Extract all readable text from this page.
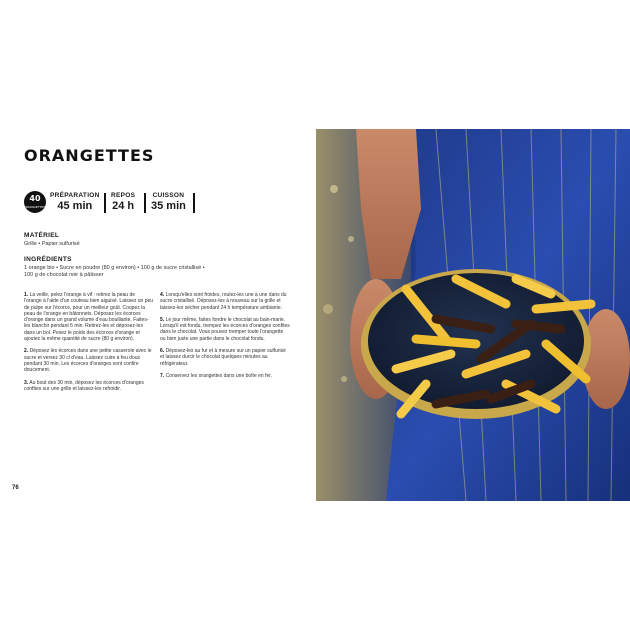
ORANGETTES
40
ORANGETTES
PRÉPARATION
45 min
REPOS
24 h
CUISSON
35 min
MATÉRIEL
Grille • Papier sulfurisé
INGRÉDIENTS
1 orange bio • Sucre en poudre (80 g environ) • 100 g de sucre cristallisé •
100 g de chocolat noir à pâtisser

1. La veille, pelez l'orange à vif : retirez la peau de l'orange à l'aide d'un couteau bien aiguisé. Laissez un peu de pulpe sur l'écorce, pour un meilleur goût. Coupez la peau de l'orange en bâtonnets. Déposez les écorces d'orange dans un grand volume d'eau bouillante. Faites-les blanchir pendant 5 min. Retirez-les et déposez-les dans un bol. Pesez le poids des écorces d'orange et ajoutez la même quantité de sucre (80 g environ).

2. Déposez les écorces dans une petite casserole avec le sucre et versez 30 cl d'eau. Laissez cuire à feu doux pendant 30 min. Les écorces d'oranges vont confire doucement.

3. Au bout des 30 min, déposez les écorces d'oranges confites sur une grille et laissez-les refroidir.

4. Lorsqu'elles sont froides, roulez-les une à une dans du sucre cristallisé. Déposez-les à nouveau sur la grille et laissez-les sécher pendant 24 h température ambiante.

5. Le jour même, faites fondre le chocolat au bain-marie. Lorsqu'il est fondu, trempez les écorces d'oranges confites dans le chocolat. Vous pouvez tremper toute l'orangette ou bien juste une partie dans le chocolat fondu.

6. Déposez-les au fur et à mesure sur un papier sulfurisé et laissez durcir le chocolat quelques minutes au réfrigérateur.

7. Conservez les orangettes dans une boîte en fer.

76
